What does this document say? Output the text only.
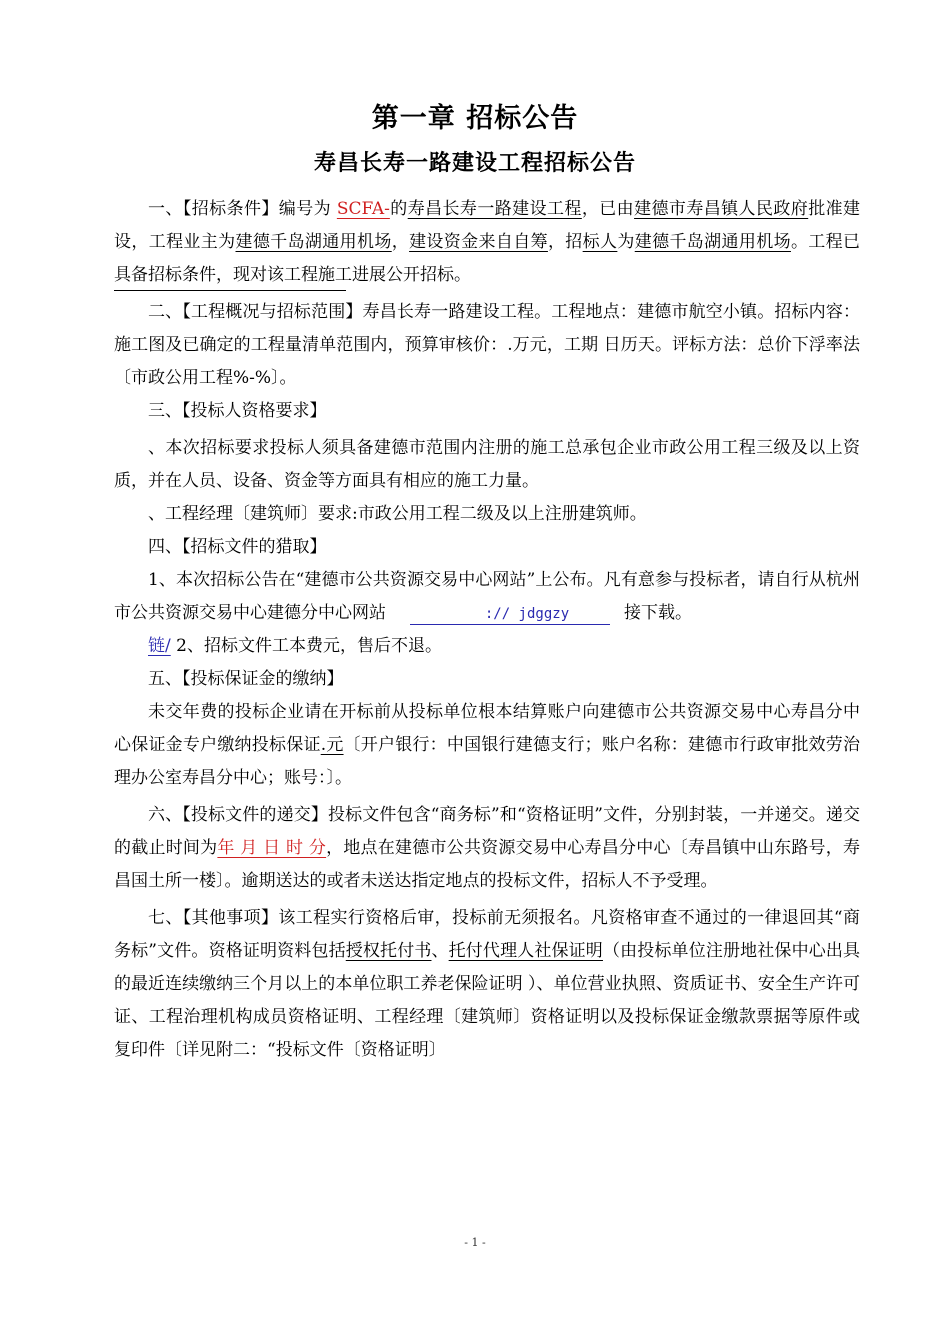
第一章 招标公告
寿昌长寿一路建设工程招标公告

一、【招标条件】编号为 SCFA-的寿昌长寿一路建设工程，已由建德市寿昌镇人民政府批准建设，工程业主为建德千岛湖通用机场，建设资金来自自筹，招标人为建德千岛湖通用机场。工程已具备招标条件，现对该工程施工进展公开招标。

二、【工程概况与招标范围】寿昌长寿一路建设工程。工程地点：建德市航空小镇。招标内容：施工图及已确定的工程量清单范围内，预算审核价：.万元，工期 日历天。评标方法：总价下浮率法〔市政公用工程%-%〕。

三、【投标人资格要求】

、本次招标要求投标人须具备建德市范围内注册的施工总承包企业市政公用工程三级及以上资质，并在人员、设备、资金等方面具有相应的施工力量。

、工程经理〔建筑师〕要求:市政公用工程二级及以上注册建筑师。

四、【招标文件的猎取】

1、本次招标公告在“建德市公共资源交易中心网站”上公布。凡有意参与投标者，请自行从杭州市公共资源交易中心建德分中心网站	:// jdggzy	接下载。

链/ 2、招标文件工本费元，售后不退。

五、【投标保证金的缴纳】

未交年费的投标企业请在开标前从投标单位根本结算账户向建德市公共资源交易中心寿昌分中心保证金专户缴纳投标保证.元〔开户银行：中国银行建德支行；账户名称：建德市行政审批效劳治理办公室寿昌分中心；账号：〕。

六、【投标文件的递交】投标文件包含“商务标”和“资格证明”文件，分别封装，一并递交。递交的截止时间为年 月 日 时 分，地点在建德市公共资源交易中心寿昌分中心〔寿昌镇中山东路号，寿昌国土所一楼〕。逾期送达的或者未送达指定地点的投标文件，招标人不予受理。

七、【其他事项】该工程实行资格后审，投标前无须报名。凡资格审查不通过的一律退回其“商务标”文件。资格证明资料包括授权托付书、托付代理人社保证明（由投标单位注册地社保中心出具的最近连续缴纳三个月以上的本单位职工养老保险证明 ）、单位营业执照、资质证书、安全生产许可证、工程治理机构成员资格证明、工程经理〔建筑师〕资格证明以及投标保证金缴款票据等原件或复印件〔详见附二：“投标文件〔资格证明〕

- 1 -
